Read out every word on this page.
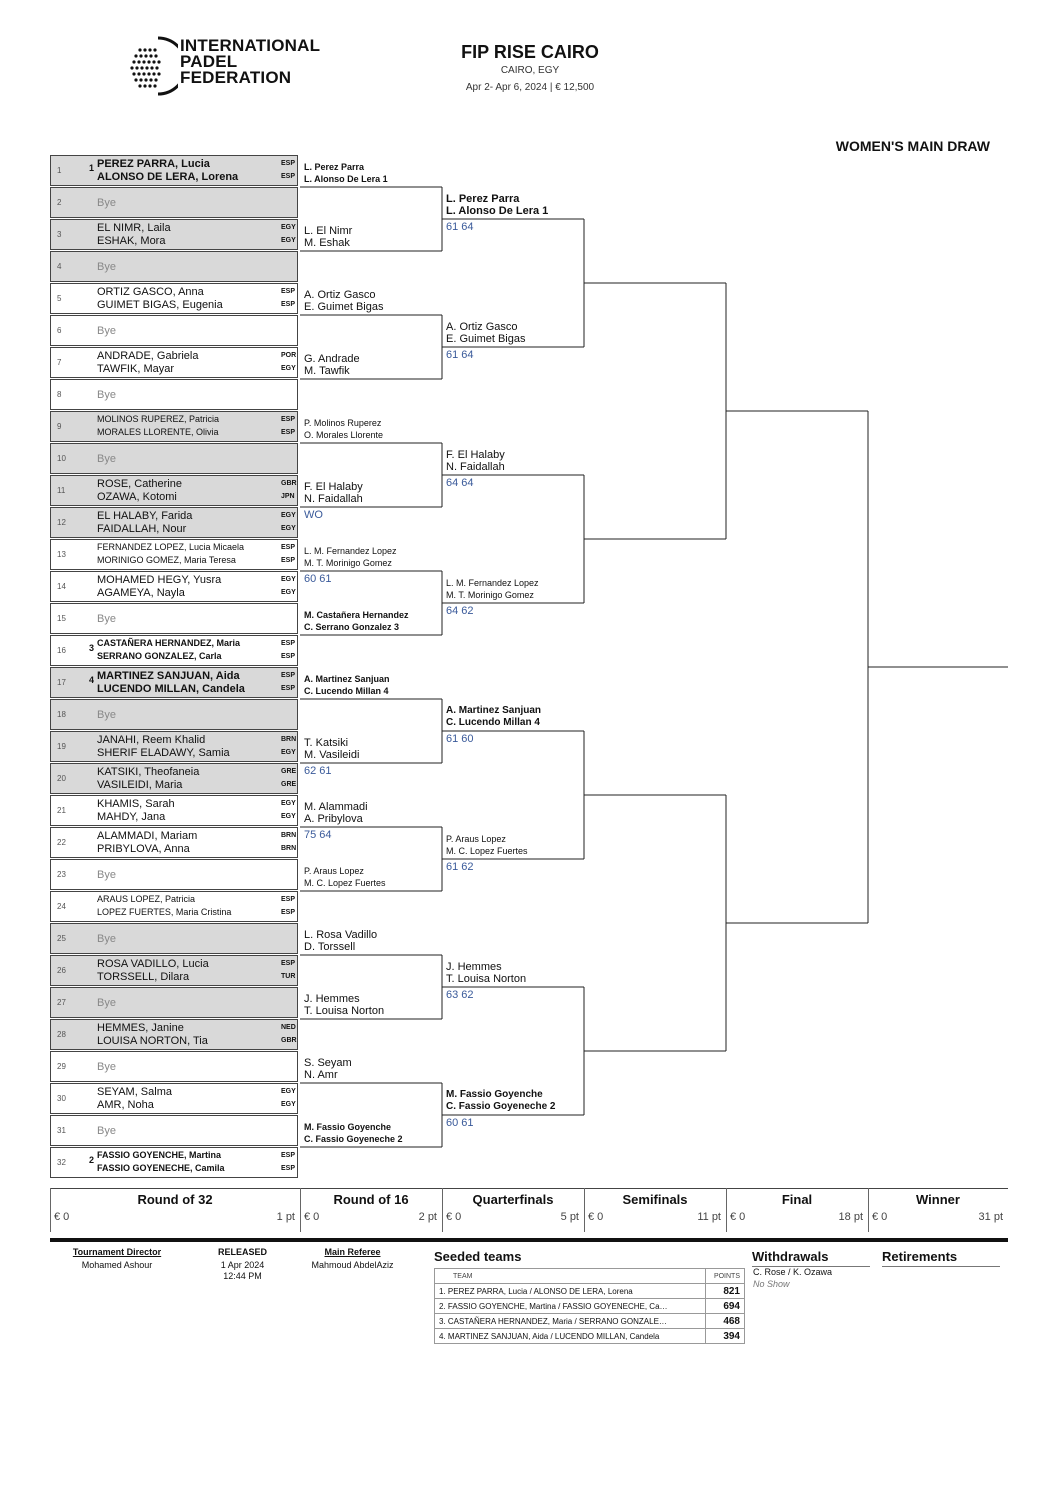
INTERNATIONAL
PADEL
FEDERATION
FIP RISE CAIRO
CAIRO, EGY
Apr 2- Apr 6, 2024 | € 12,500
WOMEN'S MAIN DRAW
1	1 PEREZ PARRA, Lucia	ESP
ALONSO DE LERA, Lorena	ESP
2	Bye
3
EL NIMR, Laila	EGY
ESHAK, Mora	EGY
4	Bye
5
ORTIZ GASCO, Anna	ESP
GUIMET BIGAS, Eugenia	ESP
6	Bye
7
ANDRADE, Gabriela	POR
TAWFIK, Mayar	EGY
8	Bye
9
MOLINOS RUPEREZ, Patricia	ESP
MORALES LLORENTE, Olivia	ESP
10	Bye
11
ROSE, Catherine	GBR
OZAWA, Kotomi	JPN
12
EL HALABY, Farida	EGY
FAIDALLAH, Nour	EGY
13
FERNANDEZ LOPEZ, Lucia Micaela	ESP
MORINIGO GOMEZ, Maria Teresa	ESP
14
MOHAMED HEGY, Yusra	EGY
AGAMEYA, Nayla	EGY
15	Bye
16	3 CASTAÑERA HERNANDEZ, Maria	ESP
SERRANO GONZALEZ, Carla	ESP
17	4 MARTINEZ SANJUAN, Aida	ESP
LUCENDO MILLAN, Candela	ESP
18	Bye
19
JANAHI, Reem Khalid	BRN
SHERIF ELADAWY, Samia	EGY
20
KATSIKI, Theofaneia	GRE
VASILEIDI, Maria	GRE
21
KHAMIS, Sarah	EGY
MAHDY, Jana	EGY
22
ALAMMADI, Mariam	BRN
PRIBYLOVA, Anna	BRN
23	Bye
24
ARAUS LOPEZ, Patricia	ESP
LOPEZ FUERTES, Maria Cristina	ESP
25	Bye
26
ROSA VADILLO, Lucia	ESP
TORSSELL, Dilara	TUR
27	Bye
28
HEMMES, Janine	NED
LOUISA NORTON, Tia	GBR
29	Bye
30
SEYAM, Salma	EGY
AMR, Noha	EGY
31	Bye
32	2 FASSIO GOYENCHE, Martina	ESP
FASSIO GOYENECHE, Camila	ESP
L. Perez Parra
L. Alonso De Lera 1
L. El Nimr
M. Eshak
A. Ortiz Gasco
E. Guimet Bigas
G. Andrade
M. Tawfik
P. Molinos Ruperez
O. Morales Llorente
F. El Halaby
N. Faidallah
WO
L. M. Fernandez Lopez
M. T. Morinigo Gomez
60 61
M. Castañera Hernandez
C. Serrano Gonzalez 3
A. Martinez Sanjuan
C. Lucendo Millan 4
T. Katsiki
M. Vasileidi
62 61
M. Alammadi
A. Pribylova
75 64
P. Araus Lopez
M. C. Lopez Fuertes
L. Rosa Vadillo
D. Torssell
J. Hemmes
T. Louisa Norton
S. Seyam
N. Amr
M. Fassio Goyenche
C. Fassio Goyeneche 2
L. Perez Parra
L. Alonso De Lera 1
61 64
A. Ortiz Gasco
E. Guimet Bigas
61 64
F. El Halaby
N. Faidallah
64 64
L. M. Fernandez Lopez
M. T. Morinigo Gomez
64 62
A. Martinez Sanjuan
C. Lucendo Millan 4
61 60
P. Araus Lopez
M. C. Lopez Fuertes
61 62
J. Hemmes
T. Louisa Norton
63 62
M. Fassio Goyenche
C. Fassio Goyeneche 2
60 61
Round of 32
€ 0	1 pt
Round of 16
€ 0	2 pt
Quarterfinals
€ 0	5 pt
Semifinals
€ 0	11 pt
Final
€ 0	18 pt
Winner
€ 0	31 pt
Tournament Director
Mohamed Ashour
RELEASED
1 Apr 2024
12:44 PM
Main Referee
Mahmoud AbdelAziz
Seeded teams
TEAM	POINTS
1. PEREZ PARRA, Lucia / ALONSO DE LERA, Lorena	821
2. FASSIO GOYENCHE, Martina / FASSIO GOYENECHE, Ca…	694
3. CASTAÑERA HERNANDEZ, Maria / SERRANO GONZALE…	468
4. MARTINEZ SANJUAN, Aida / LUCENDO MILLAN, Candela	394
Withdrawals
C. Rose / K. Ozawa
No Show
Retirements
